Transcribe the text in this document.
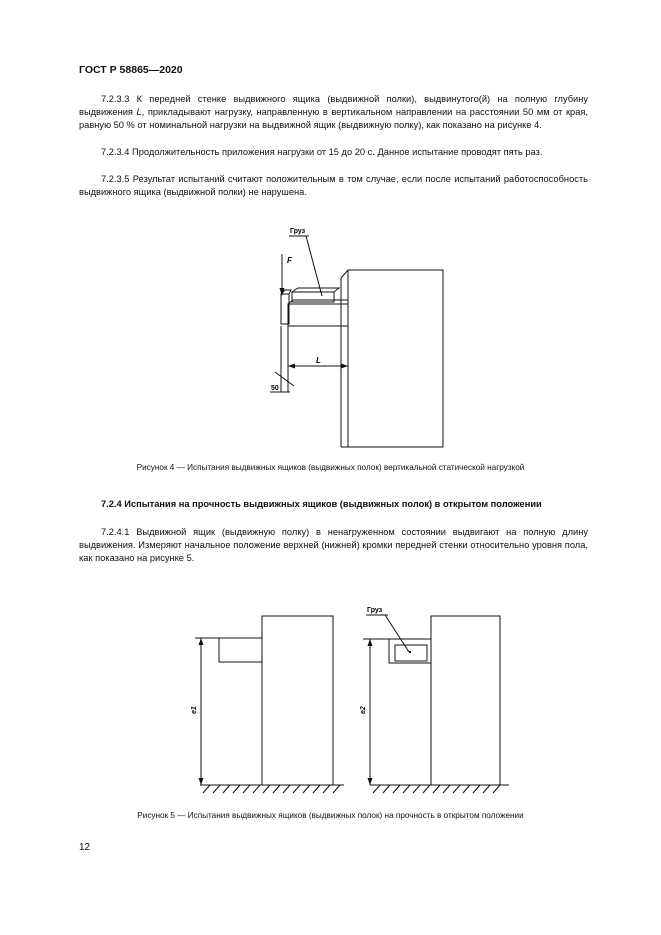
ГОСТ Р 58865—2020

7.2.3.3 К передней стенке выдвижного ящика (выдвижной полки), выдвинутого(й) на полную глубину выдвижения L, прикладывают нагрузку, направленную в вертикальном направлении на расстоянии 50 мм от края, равную 50 % от номинальной нагрузки на выдвижной ящик (выдвижную полку), как показано на рисунке 4.

7.2.3.4 Продолжительность приложения нагрузки от 15 до 20 с. Данное испытание проводят пять раз.

7.2.3.5 Результат испытаний считают положительным в том случае, если после испытаний работоспособность выдвижного ящика (выдвижной полки) не нарушена.

Груз
F
L
50
Рисунок 4 — Испытания выдвижных ящиков (выдвижных полок) вертикальной статической нагрузкой

7.2.4 Испытания на прочность выдвижных ящиков (выдвижных полок) в открытом положении

7.2.4.1 Выдвижной ящик (выдвижную полку) в ненагруженном состоянии выдвигают на полную длину выдвижения. Измеряют начальное положение верхней (нижней) кромки передней стенки относительно уровня пола, как показано на рисунке 5.

e1	e2
Груз
Рисунок 5 — Испытания выдвижных ящиков (выдвижных полок) на прочность в открытом положении
12
